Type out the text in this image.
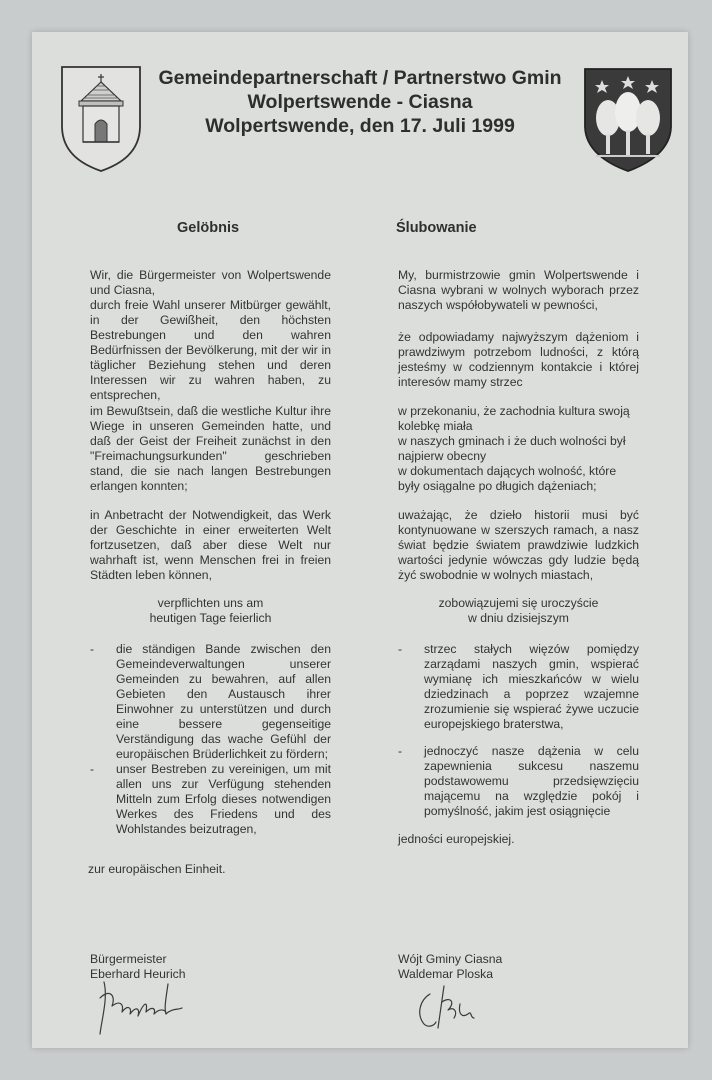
Gemeindepartnerschaft / Partnerstwo Gmin
Wolpertswende - Ciasna
Wolpertswende, den 17. Juli 1999
Gelöbnis	Ślubowanie

Wir, die Bürgermeister von Wolpertswende und Ciasna,
durch freie Wahl unserer Mitbürger gewählt, in der Gewißheit, den höchsten Bestrebungen und den wahren Bedürfnissen der Bevölkerung, mit der wir in täglicher Beziehung stehen und deren Interessen wir zu wahren haben, zu entsprechen,

im Bewußtsein, daß die westliche Kultur ihre Wiege in unseren Gemeinden hatte, und daß der Geist der Freiheit zunächst in den "Freimachungsurkunden" geschrieben stand, die sie nach langen Bestrebungen erlangen konnten;

in Anbetracht der Notwendigkeit, das Werk der Geschichte in einer erweiterten Welt fortzusetzen, daß aber diese Welt nur wahrhaft ist, wenn Menschen frei in freien Städten leben können,

verpflichten uns am
heutigen Tage feierlich

- die ständigen Bande zwischen den Gemeindeverwaltungen unserer Gemeinden zu bewahren, auf allen Gebieten den Austausch ihrer Einwohner zu unterstützen und durch eine bessere gegenseitige Verständigung das wache Gefühl der europäischen Brüderlichkeit zu fördern;
- unser Bestreben zu vereinigen, um mit allen uns zur Verfügung stehenden Mitteln zum Erfolg dieses notwendigen Werkes des Friedens und des Wohlstandes beizutragen,

zur europäischen Einheit.

My, burmistrzowie gmin Wolpertswende i Ciasna wybrani w wolnych wyborach przez naszych współobywateli w pewności,

że odpowiadamy najwyższym dążeniom i prawdziwym potrzebom ludności, z którą jesteśmy w codziennym kontakcie i której interesów mamy strzec

w przekonaniu, że zachodnia kultura swoją kolebkę miała
w naszych gminach i że duch wolności był najpierw obecny
w dokumentach dających wolność, które były osiągalne po długich dążeniach;

uważając, że dzieło historii musi być kontynuowane w szerszych ramach, a nasz świat będzie światem prawdziwie ludzkich wartości jedynie wówczas gdy ludzie będą żyć swobodnie w wolnych miastach,

zobowiązujemi się uroczyście
w dniu dzisiejszym

- strzec stałych więzów pomiędzy zarządami naszych gmin, wspierać wymianę ich mieszkańców w wielu dziedzinach a poprzez wzajemne zrozumienie się wspierać żywe uczucie europejskiego braterstwa,
- jednoczyć nasze dążenia w celu zapewnienia sukcesu naszemu podstawowemu przedsięwzięciu mającemu na względzie pokój i pomyślność, jakim jest osiągnięcie

jedności europejskiej.

Bürgermeister
Eberhard Heurich
Wójt Gminy Ciasna
Waldemar Ploska
